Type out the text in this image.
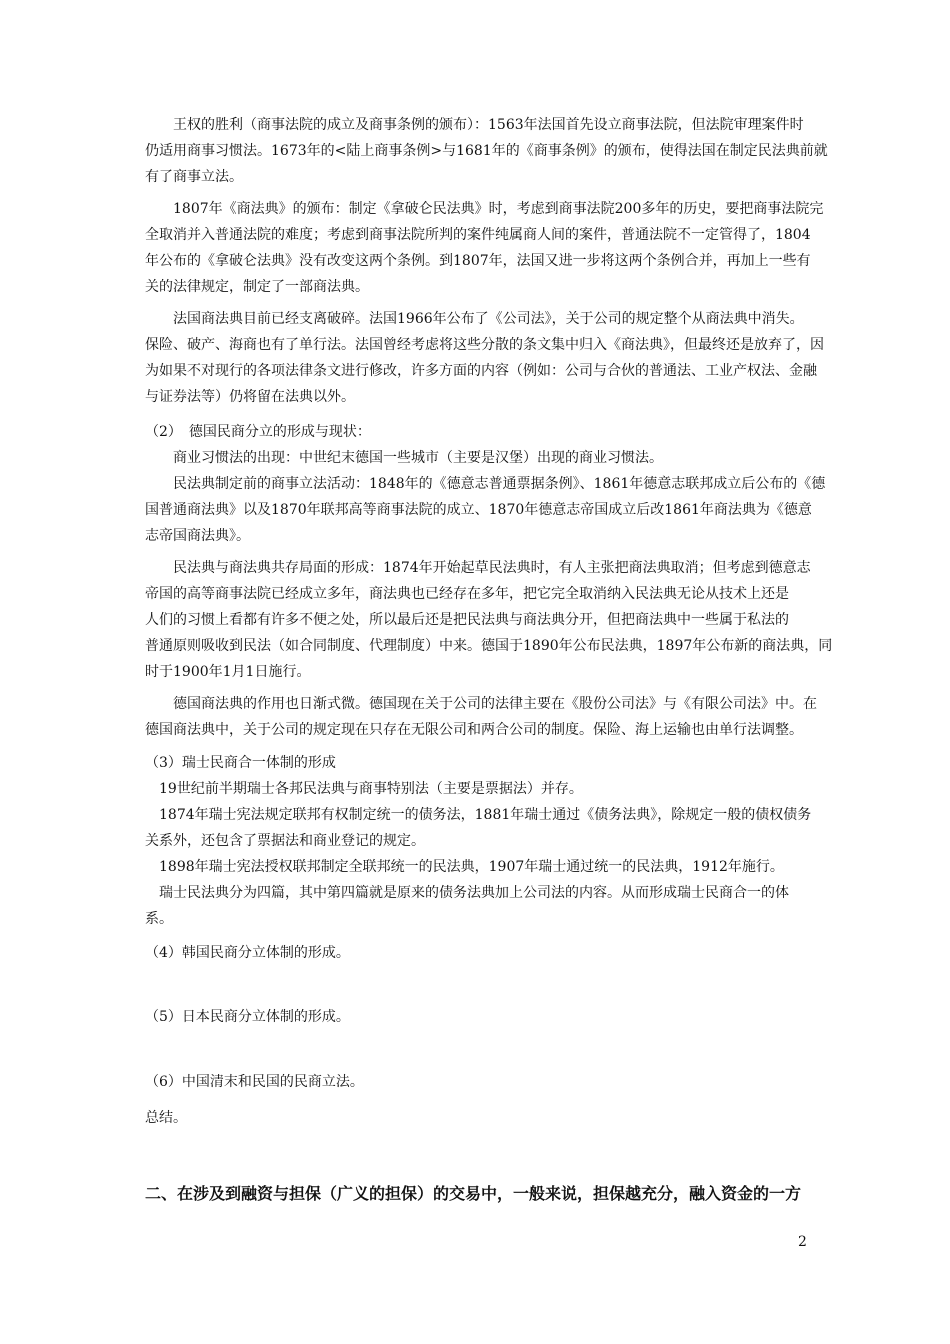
　　王权的胜利（商事法院的成立及商事条例的颁布）：1563年法国首先设立商事法院，但法院审理案件时
仍适用商事习惯法。1673年的<陆上商事条例>与1681年的《商事条例》的颁布，使得法国在制定民法典前就
有了商事立法。
　　1807年《商法典》的颁布：制定《拿破仑民法典》时，考虑到商事法院200多年的历史，要把商事法院完
全取消并入普通法院的难度；考虑到商事法院所判的案件纯属商人间的案件，普通法院不一定管得了，1804
年公布的《拿破仑法典》没有改变这两个条例。到1807年，法国又进一步将这两个条例合并，再加上一些有
关的法律规定，制定了一部商法典。
　　法国商法典目前已经支离破碎。法国1966年公布了《公司法》，关于公司的规定整个从商法典中消失。
保险、破产、海商也有了单行法。法国曾经考虑将这些分散的条文集中归入《商法典》，但最终还是放弃了，因
为如果不对现行的各项法律条文进行修改，许多方面的内容（例如：公司与合伙的普通法、工业产权法、金融
与证券法等）仍将留在法典以外。
（2）　德国民商分立的形成与现状：
　　商业习惯法的出现：中世纪末德国一些城市（主要是汉堡）出现的商业习惯法。
　　民法典制定前的商事立法活动：1848年的《德意志普通票据条例》、1861年德意志联邦成立后公布的《德
国普通商法典》以及1870年联邦高等商事法院的成立、1870年德意志帝国成立后改1861年商法典为《德意
志帝国商法典》。
　　民法典与商法典共存局面的形成：1874年开始起草民法典时，有人主张把商法典取消；但考虑到德意志
帝国的高等商事法院已经成立多年，商法典也已经存在多年，把它完全取消纳入民法典无论从技术上还是
人们的习惯上看都有许多不便之处，所以最后还是把民法典与商法典分开，但把商法典中一些属于私法的
普通原则吸收到民法（如合同制度、代理制度）中来。德国于1890年公布民法典，1897年公布新的商法典，同
时于1900年1月1日施行。
　　德国商法典的作用也日渐式微。德国现在关于公司的法律主要在《股份公司法》与《有限公司法》中。在
德国商法典中，关于公司的规定现在只存在无限公司和两合公司的制度。保险、海上运输也由单行法调整。
（3）瑞士民商合一体制的形成
　19世纪前半期瑞士各邦民法典与商事特别法（主要是票据法）并存。
　1874年瑞士宪法规定联邦有权制定统一的债务法，1881年瑞士通过《债务法典》，除规定一般的债权债务
关系外，还包含了票据法和商业登记的规定。
　1898年瑞士宪法授权联邦制定全联邦统一的民法典，1907年瑞士通过统一的民法典，1912年施行。
　瑞士民法典分为四篇，其中第四篇就是原来的债务法典加上公司法的内容。从而形成瑞士民商合一的体
系。
（4）韩国民商分立体制的形成。
（5）日本民商分立体制的形成。
（6）中国清末和民国的民商立法。
总结。
二、在涉及到融资与担保（广义的担保）的交易中，一般来说，担保越充分，融入资金的一方
2
